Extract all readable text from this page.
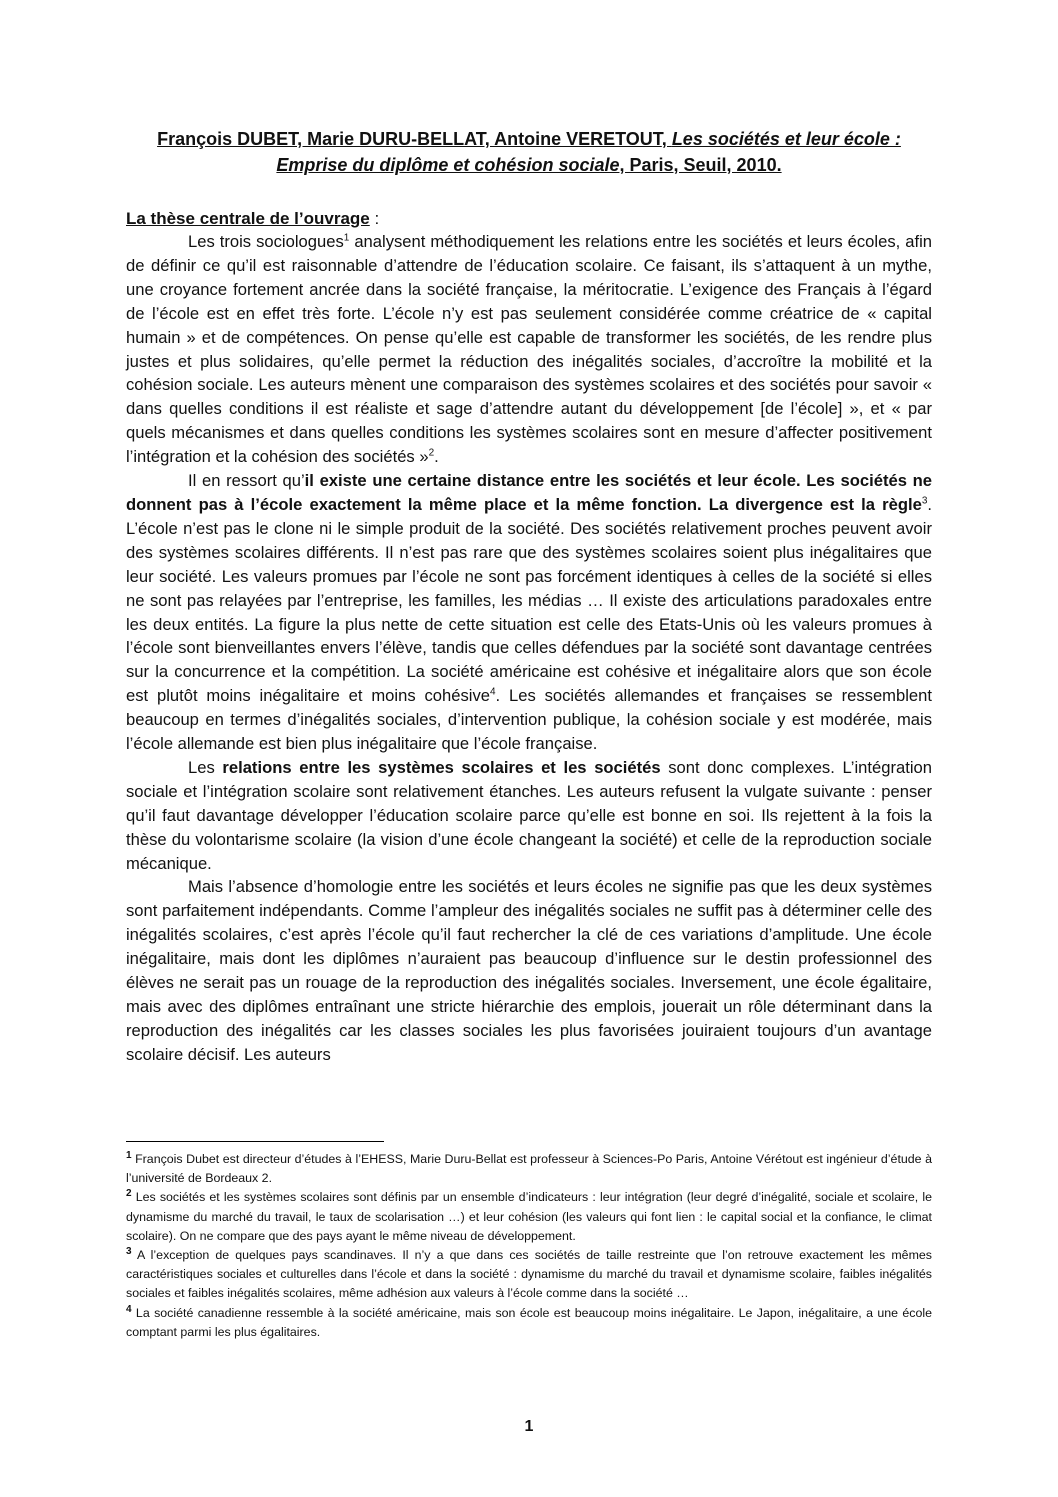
François DUBET, Marie DURU-BELLAT, Antoine VERETOUT, Les sociétés et leur école :
Emprise du diplôme et cohésion sociale, Paris, Seuil, 2010.
La thèse centrale de l’ouvrage :

Les trois sociologues$^1$ analysent méthodiquement les relations entre les sociétés et leurs écoles, afin de définir ce qu’il est raisonnable d’attendre de l’éducation scolaire. Ce faisant, ils s’attaquent à un mythe, une croyance fortement ancrée dans la société française, la méritocratie. L’exigence des Français à l’égard de l’école est en effet très forte. L’école n’y est pas seulement considérée comme créatrice de « capital humain » et de compétences. On pense qu’elle est capable de transformer les sociétés, de les rendre plus justes et plus solidaires, qu’elle permet la réduction des inégalités sociales, d’accroître la mobilité et la cohésion sociale. Les auteurs mènent une comparaison des systèmes scolaires et des sociétés pour savoir « dans quelles conditions il est réaliste et sage d’attendre autant du développement [de l’école] », et « par quels mécanismes et dans quelles conditions les systèmes scolaires sont en mesure d’affecter positivement l’intégration et la cohésion des sociétés »$^2$.

Il en ressort qu’il existe une certaine distance entre les sociétés et leur école. Les sociétés ne donnent pas à l’école exactement la même place et la même fonction. La divergence est la règle$^3$. L’école n’est pas le clone ni le simple produit de la société. Des sociétés relativement proches peuvent avoir des systèmes scolaires différents. Il n’est pas rare que des systèmes scolaires soient plus inégalitaires que leur société. Les valeurs promues par l’école ne sont pas forcément identiques à celles de la société si elles ne sont pas relayées par l’entreprise, les familles, les médias … Il existe des articulations paradoxales entre les deux entités. La figure la plus nette de cette situation est celle des Etats-Unis où les valeurs promues à l’école sont bienveillantes envers l’élève, tandis que celles défendues par la société sont davantage centrées sur la concurrence et la compétition. La société américaine est cohésive et inégalitaire alors que son école est plutôt moins inégalitaire et moins cohésive$^4$. Les sociétés allemandes et françaises se ressemblent beaucoup en termes d’inégalités sociales, d’intervention publique, la cohésion sociale y est modérée, mais l’école allemande est bien plus inégalitaire que l’école française.

Les relations entre les systèmes scolaires et les sociétés sont donc complexes. L’intégration sociale et l’intégration scolaire sont relativement étanches. Les auteurs refusent la vulgate suivante : penser qu’il faut davantage développer l’éducation scolaire parce qu’elle est bonne en soi. Ils rejettent à la fois la thèse du volontarisme scolaire (la vision d’une école changeant la société) et celle de la reproduction sociale mécanique.

Mais l’absence d’homologie entre les sociétés et leurs écoles ne signifie pas que les deux systèmes sont parfaitement indépendants. Comme l’ampleur des inégalités sociales ne suffit pas à déterminer celle des inégalités scolaires, c’est après l’école qu’il faut rechercher la clé de ces variations d’amplitude. Une école inégalitaire, mais dont les diplômes n’auraient pas beaucoup d’influence sur le destin professionnel des élèves ne serait pas un rouage de la reproduction des inégalités sociales. Inversement, une école égalitaire, mais avec des diplômes entraînant une stricte hiérarchie des emplois, jouerait un rôle déterminant dans la reproduction des inégalités car les classes sociales les plus favorisées jouiraient toujours d’un avantage scolaire décisif. Les auteurs

$^1$ François Dubet est directeur d’études à l’EHESS, Marie Duru-Bellat est professeur à Sciences-Po Paris, Antoine Vérétout est ingénieur d’étude à l’université de Bordeaux 2.

$^2$ Les sociétés et les systèmes scolaires sont définis par un ensemble d’indicateurs : leur intégration (leur degré d’inégalité, sociale et scolaire, le dynamisme du marché du travail, le taux de scolarisation …) et leur cohésion (les valeurs qui font lien : le capital social et la confiance, le climat scolaire). On ne compare que des pays ayant le même niveau de développement.

$^3$ A l’exception de quelques pays scandinaves. Il n’y a que dans ces sociétés de taille restreinte que l’on retrouve exactement les mêmes caractéristiques sociales et culturelles dans l’école et dans la société : dynamisme du marché du travail et dynamisme scolaire, faibles inégalités sociales et faibles inégalités scolaires, même adhésion aux valeurs à l’école comme dans la société …

$^4$ La société canadienne ressemble à la société américaine, mais son école est beaucoup moins inégalitaire. Le Japon, inégalitaire, a une école comptant parmi les plus égalitaires.

1
